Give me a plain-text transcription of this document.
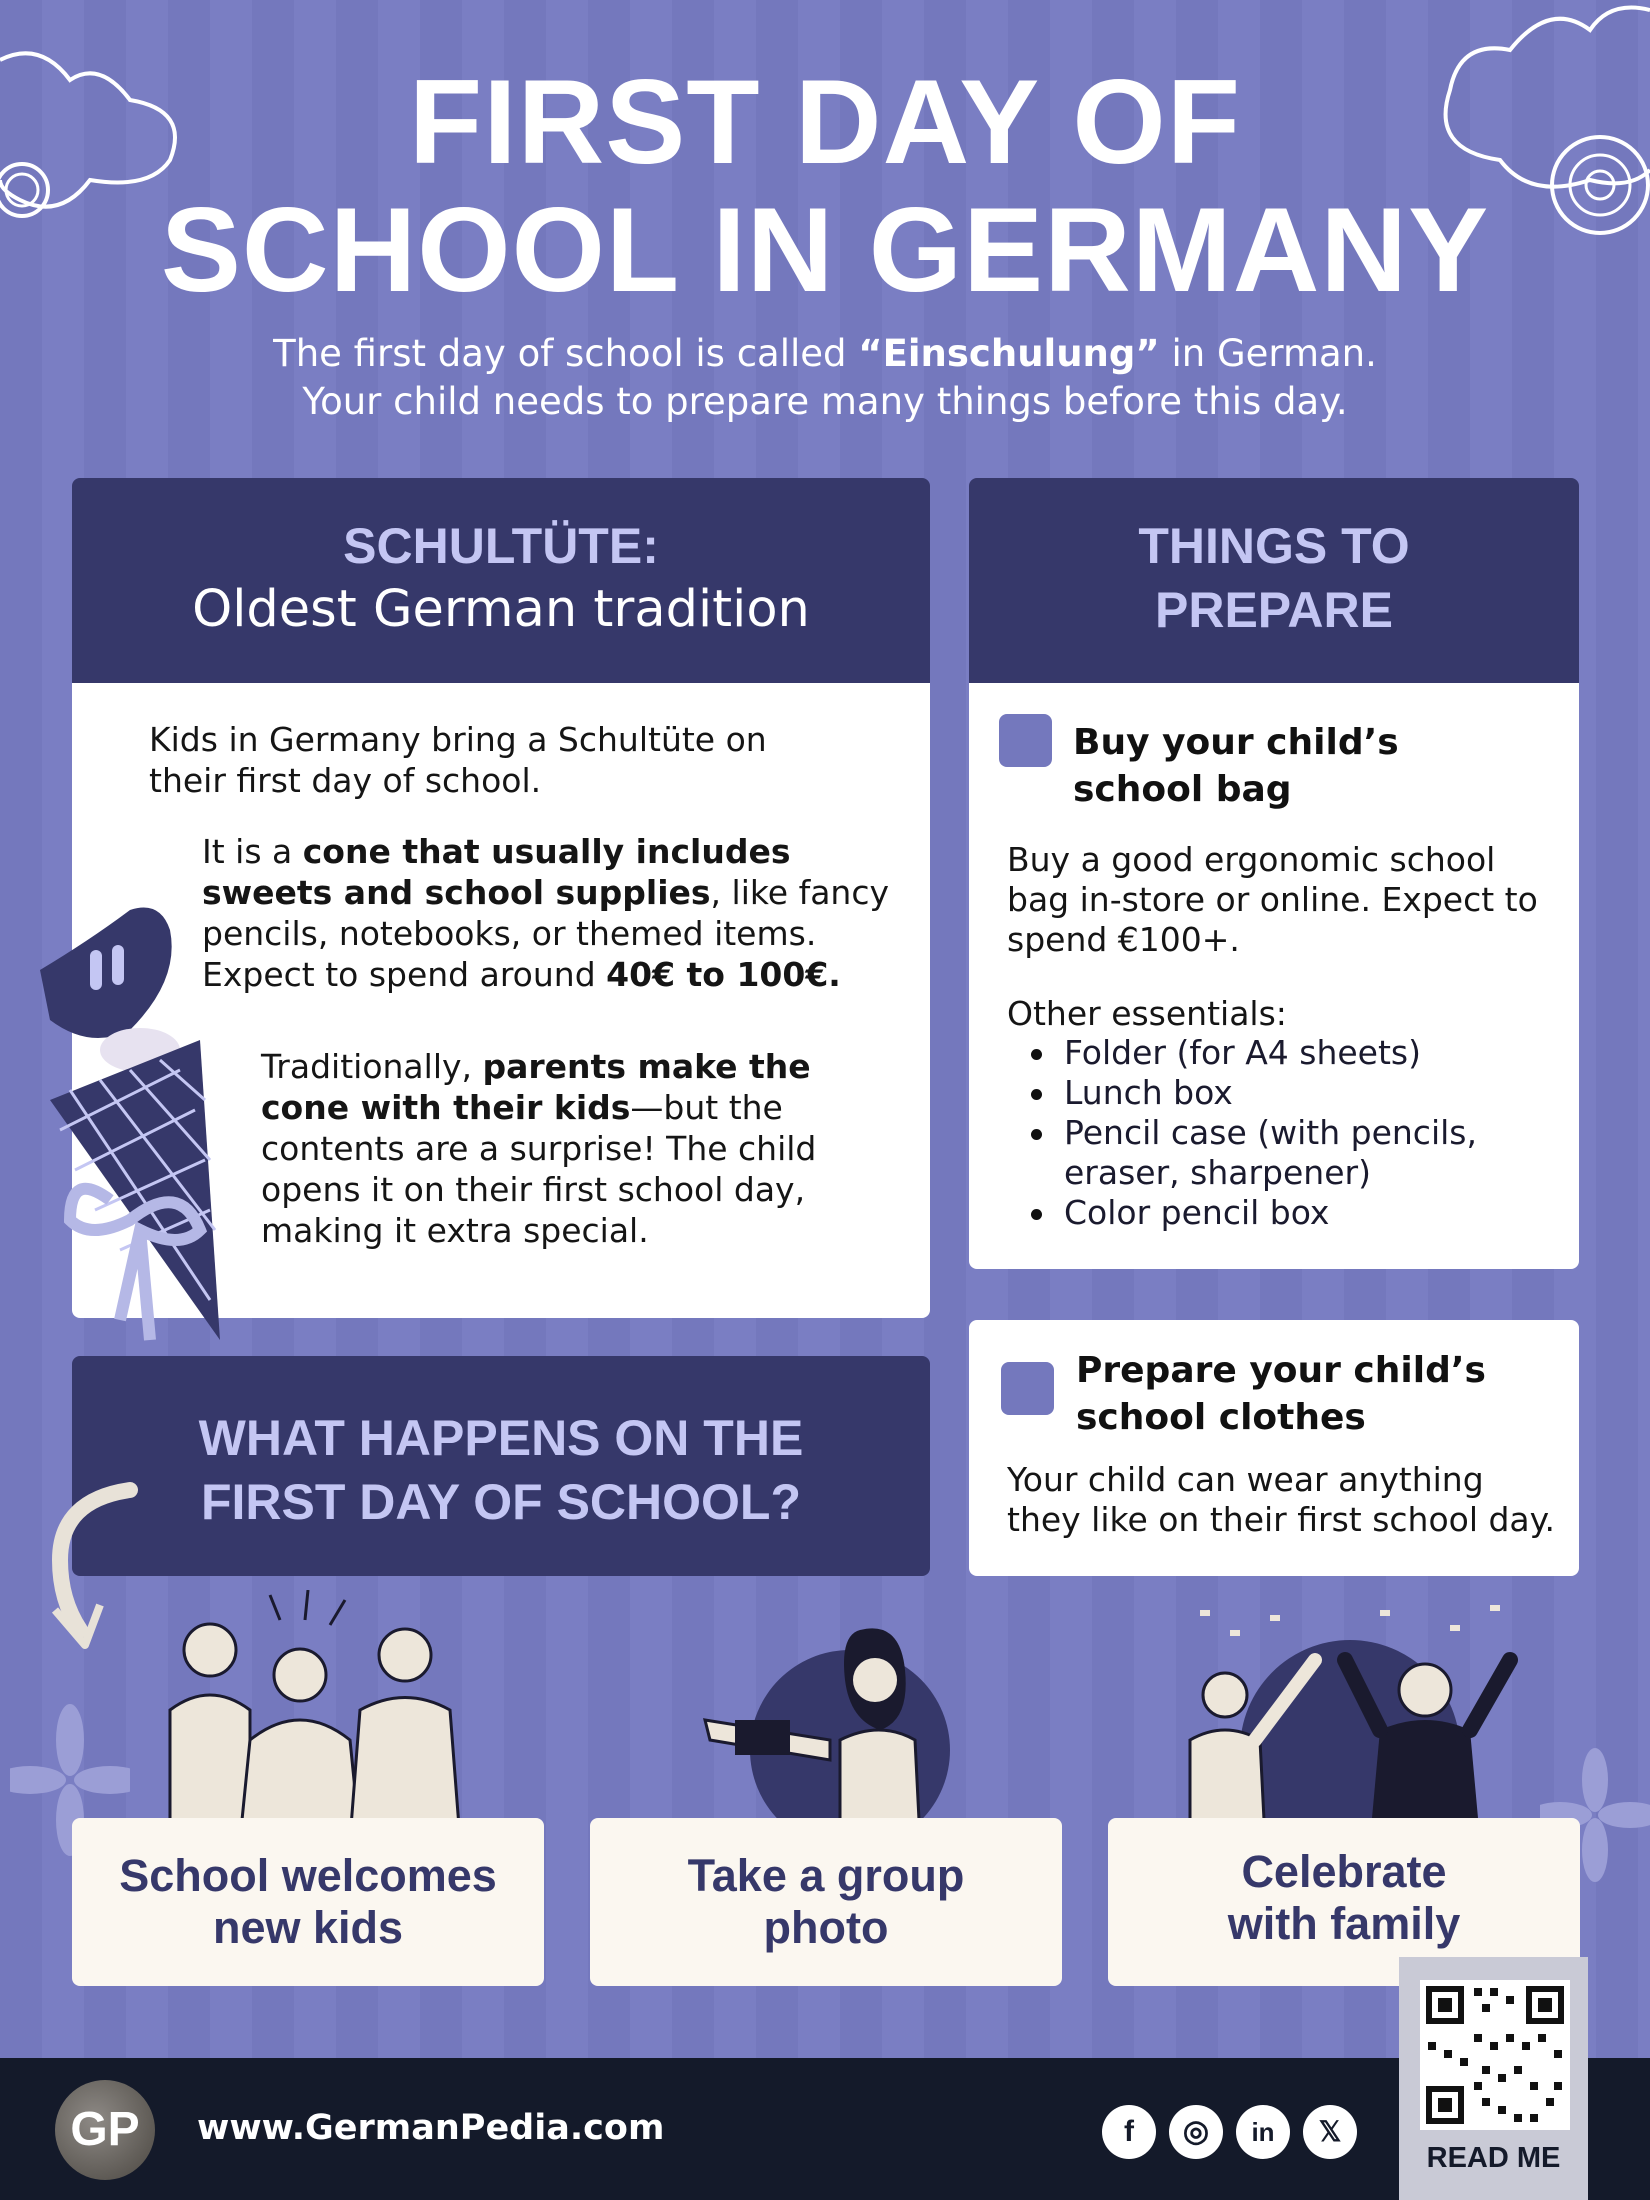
FIRST DAY OF
SCHOOL IN GERMANY
The first day of school is called “Einschulung” in German.
Your child needs to prepare many things before this day.
SCHULTÜTE:
Oldest German tradition

Kids in Germany bring a Schultüte on their first day of school.

It is a cone that usually includes sweets and school supplies, like fancy pencils, notebooks, or themed items. Expect to spend around 40€ to 100€.

Traditionally, parents make the cone with their kids—but the contents are a surprise! The child opens it on their first school day, making it extra special.

THINGS TO
PREPARE
Buy your child’s
school bag

Buy a good ergonomic school bag in-store or online. Expect to spend €100+.

Other essentials:

Folder (for A4 sheets)
Lunch box
Pencil case (with pencils, eraser, sharpener)
Color pencil box
Prepare your child’s
school clothes

Your child can wear anything they like on their first school day.

WHAT HAPPENS ON THE
FIRST DAY OF SCHOOL?
School welcomes
new kids
Take a group
photo
Celebrate
with family
GP	www.GermanPedia.com	f	◎	in	𝕏
READ ME
